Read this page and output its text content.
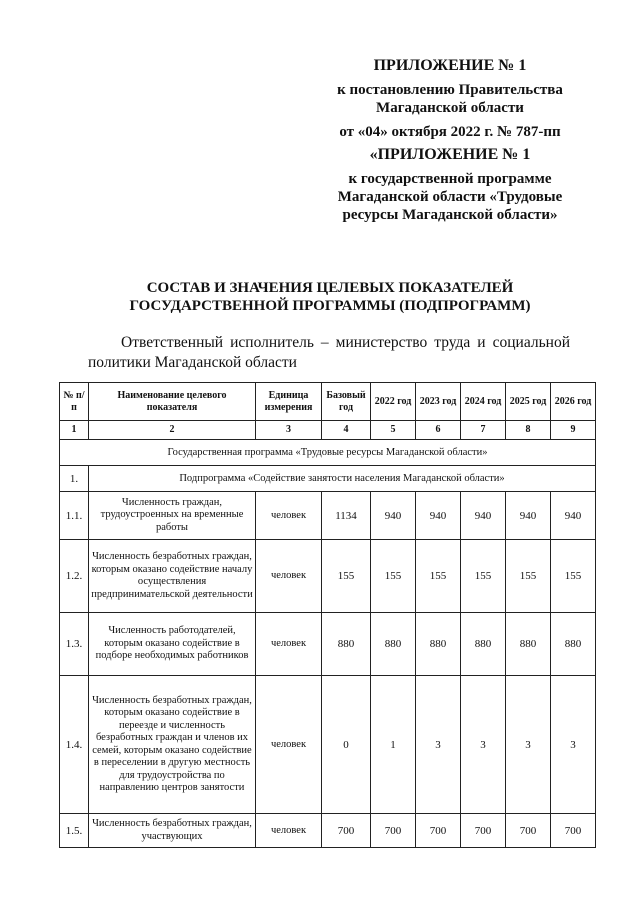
ПРИЛОЖЕНИЕ № 1
к постановлению Правительства
Магаданской области
от «04» октября 2022 г. № 787-пп
«ПРИЛОЖЕНИЕ № 1
к государственной программе
Магаданской области «Трудовые
ресурсы Магаданской области»
СОСТАВ И ЗНАЧЕНИЯ ЦЕЛЕВЫХ ПОКАЗАТЕЛЕЙ
ГОСУДАРСТВЕННОЙ ПРОГРАММЫ (ПОДПРОГРАММ)
Ответственный исполнитель – министерство труда и социальной
политики Магаданской области
№ п/п	Наименование целевого показателя	Единица измерения	Базовый год	2022 год	2023 год	2024 год	2025 год	2026 год
1	2	3	4	5	6	7	8	9
Государственная программа «Трудовые ресурсы Магаданской области»								
1.	Подпрограмма «Содействие занятости населения Магаданской области»							
1.1.	Численность граждан, трудоустроенных на временные работы	человек	1134	940	940	940	940	940
1.2.	Численность безработных граждан, которым оказано содействие началу осуществления предпринимательской деятельности	человек	155	155	155	155	155	155
1.3.	Численность работодателей, которым оказано содействие в подборе необходимых работников	человек	880	880	880	880	880	880
1.4.	Численность безработных граждан, которым оказано содействие в переезде и численность безработных граждан и членов их семей, которым оказано содействие в переселении в другую местность для трудоустройства по направлению центров занятости	человек	0	1	3	3	3	3
1.5.	Численность безработных граждан, участвующих	человек	700	700	700	700	700	700
